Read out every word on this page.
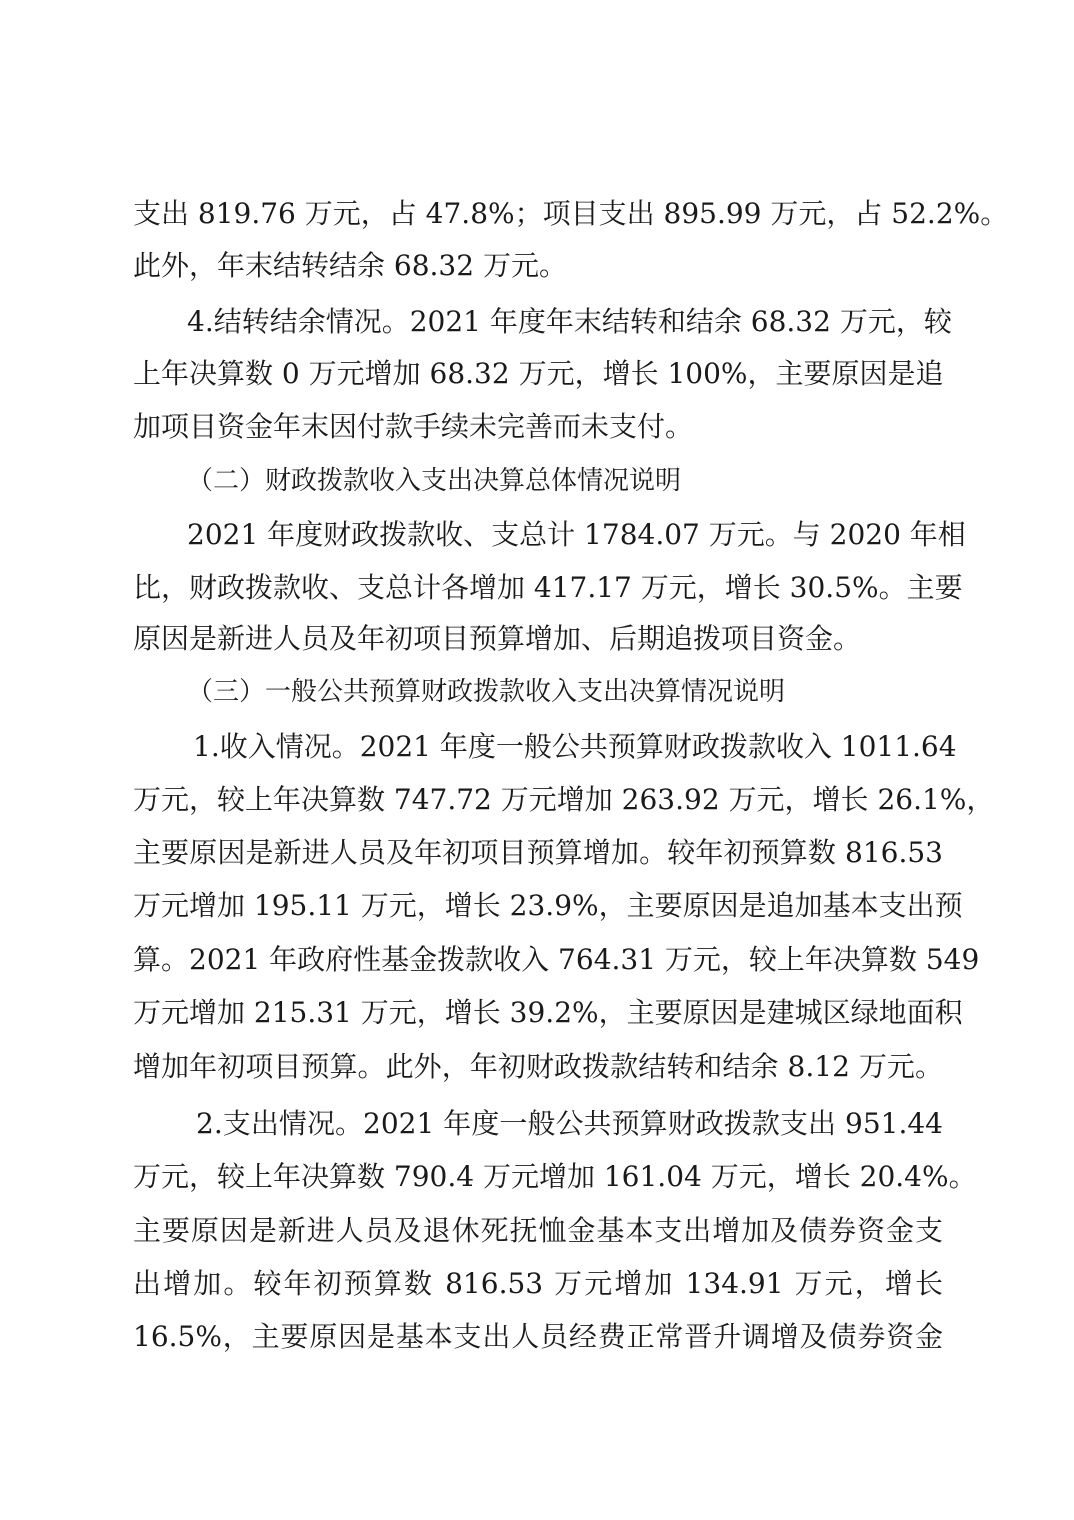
支出 819.76 万元，占 47.8%；项目支出 895.99 万元，占 52.2%。
此外，年末结转结余 68.32 万元。
4.结转结余情况。2021 年度年末结转和结余 68.32 万元，较
上年决算数 0 万元增加 68.32 万元，增长 100%，主要原因是追
加项目资金年末因付款手续未完善而未支付。
（二）财政拨款收入支出决算总体情况说明
2021 年度财政拨款收、支总计 1784.07 万元。与 2020 年相
比，财政拨款收、支总计各增加 417.17 万元，增长 30.5%。主要
原因是新进人员及年初项目预算增加、后期追拨项目资金。
（三）一般公共预算财政拨款收入支出决算情况说明
1.收入情况。2021 年度一般公共预算财政拨款收入 1011.64
万元，较上年决算数 747.72 万元增加 263.92 万元，增长 26.1%，
主要原因是新进人员及年初项目预算增加。较年初预算数 816.53
万元增加 195.11 万元，增长 23.9%，主要原因是追加基本支出预
算。2021 年政府性基金拨款收入 764.31 万元，较上年决算数 549
万元增加 215.31 万元，增长 39.2%，主要原因是建城区绿地面积
增加年初项目预算。此外，年初财政拨款结转和结余 8.12 万元。
2.支出情况。2021 年度一般公共预算财政拨款支出 951.44
万元，较上年决算数 790.4 万元增加 161.04 万元，增长 20.4%。
主要原因是新进人员及退休死抚恤金基本支出增加及债券资金支
出增加。较年初预算数 816.53 万元增加 134.91 万元，增长
16.5%，主要原因是基本支出人员经费正常晋升调增及债券资金
